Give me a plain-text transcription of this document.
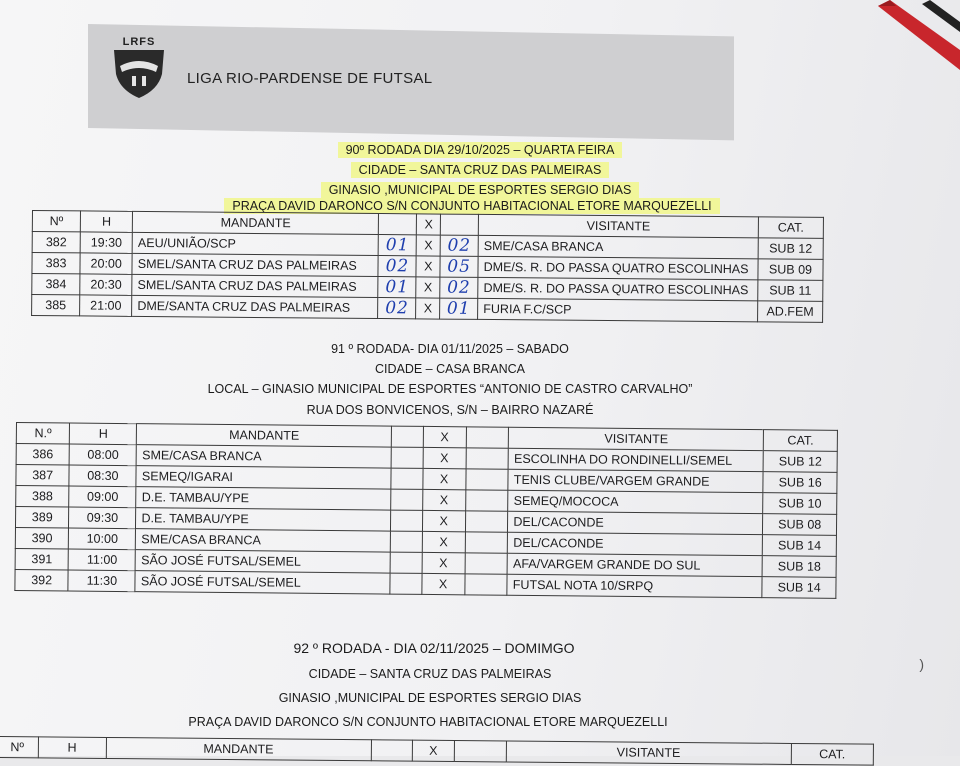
LRFS
LIGA RIO-PARDENSE DE FUTSAL

90º RODADA DIA 29/10/2025 – QUARTA FEIRA

CIDADE – SANTA CRUZ DAS PALMEIRAS

GINASIO ,MUNICIPAL DE ESPORTES SERGIO DIAS

PRAÇA DAVID DARONCO S/N CONJUNTO HABITACIONAL ETORE MARQUEZELLI

Nº	H	MANDANTE		X		VISITANTE	CAT.
382	19:30	AEU/UNIÃO/SCP	01	X	02	SME/CASA BRANCA	SUB 12
383	20:00	SMEL/SANTA CRUZ DAS PALMEIRAS	02	X	05	DME/S. R. DO PASSA QUATRO ESCOLINHAS	SUB 09
384	20:30	SMEL/SANTA CRUZ DAS PALMEIRAS	01	X	02	DME/S. R. DO PASSA QUATRO ESCOLINHAS	SUB 11
385	21:00	DME/SANTA CRUZ DAS PALMEIRAS	02	X	01	FURIA F.C/SCP	AD.FEM

91 º RODADA- DIA 01/11/2025 – SABADO

CIDADE – CASA BRANCA

LOCAL – GINASIO MUNICIPAL DE ESPORTES “ANTONIO DE CASTRO CARVALHO”

RUA DOS BONVICENOS, S/N – BAIRRO NAZARÉ

N.º	H	MANDANTE		X		VISITANTE	CAT.
386	08:00	SME/CASA BRANCA		X		ESCOLINHA DO RONDINELLI/SEMEL	SUB 12
387	08:30	SEMEQ/IGARAI		X		TENIS CLUBE/VARGEM GRANDE	SUB 16
388	09:00	D.E. TAMBAU/YPE		X		SEMEQ/MOCOCA	SUB 10
389	09:30	D.E. TAMBAU/YPE		X		DEL/CACONDE	SUB 08
390	10:00	SME/CASA BRANCA		X		DEL/CACONDE	SUB 14
391	11:00	SÃO JOSÉ FUTSAL/SEMEL		X		AFA/VARGEM GRANDE DO SUL	SUB 18
392	11:30	SÃO JOSÉ FUTSAL/SEMEL		X		FUTSAL NOTA 10/SRPQ	SUB 14

92 º RODADA - DIA 02/11/2025 – DOMIMGO

CIDADE – SANTA CRUZ DAS PALMEIRAS

GINASIO ,MUNICIPAL DE ESPORTES SERGIO DIAS

PRAÇA DAVID DARONCO S/N CONJUNTO HABITACIONAL ETORE MARQUEZELLI

Nº	H	MANDANTE		X		VISITANTE	CAT.
)
